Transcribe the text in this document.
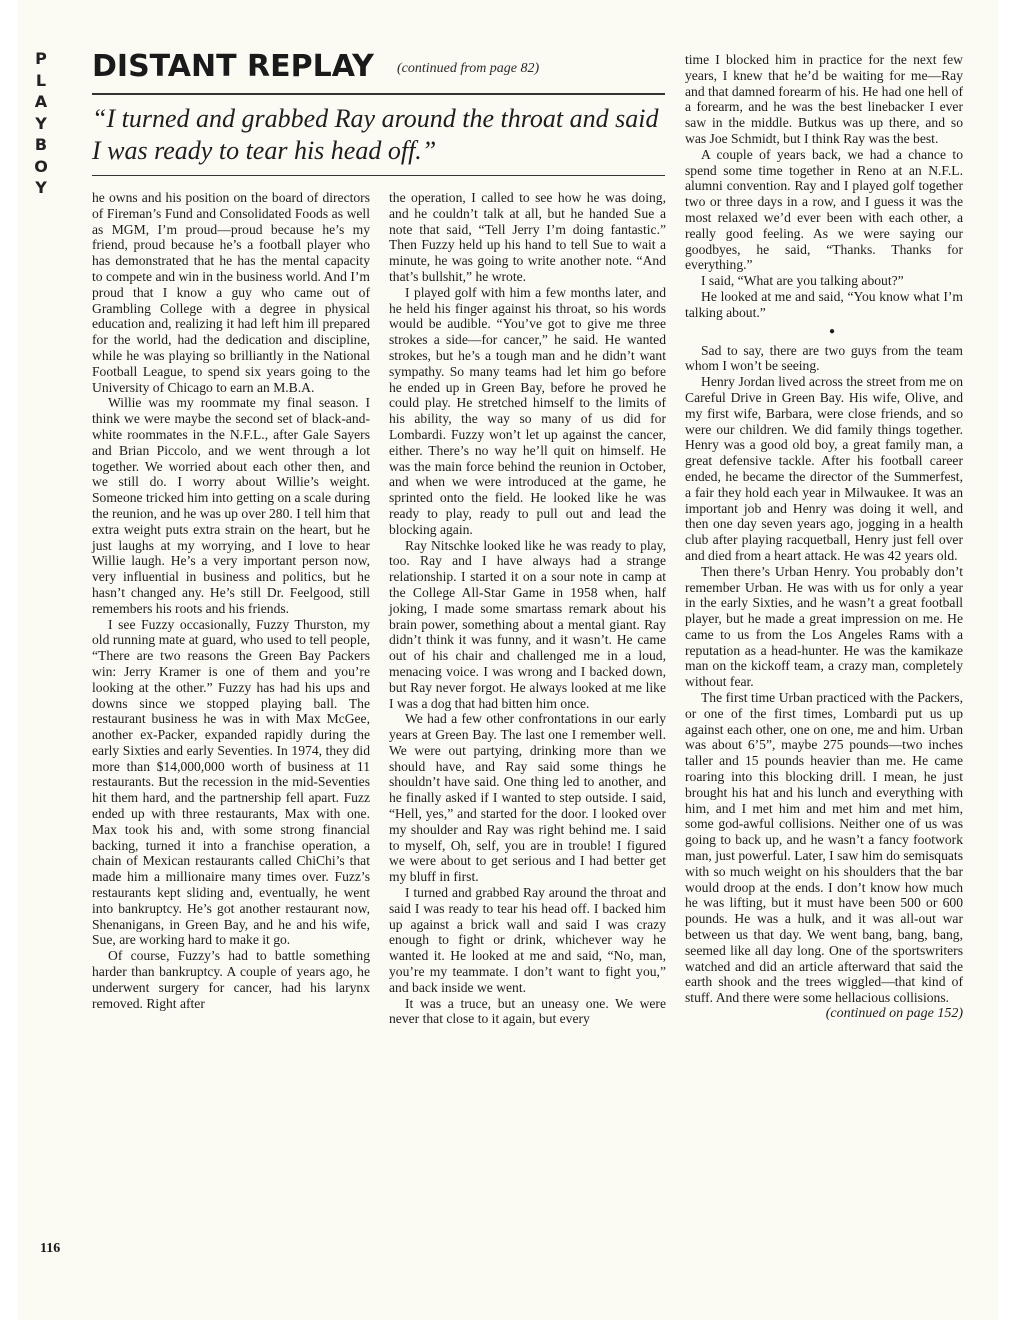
P
L
A
Y
B
O
Y
DISTANT REPLAY (continued from page 82)
“I turned and grabbed Ray around the throat and said I was ready to tear his head off.”

he owns and his position on the board of directors of Fireman’s Fund and Consolidated Foods as well as MGM, I’m proud—proud because he’s my friend, proud because he’s a football player who has demonstrated that he has the mental capacity to compete and win in the business world. And I’m proud that I know a guy who came out of Grambling College with a degree in physical education and, realizing it had left him ill prepared for the world, had the dedication and discipline, while he was playing so brilliantly in the National Football League, to spend six years going to the University of Chicago to earn an M.B.A.

Willie was my roommate my final season. I think we were maybe the second set of black-and-white roommates in the N.F.L., after Gale Sayers and Brian Piccolo, and we went through a lot together. We worried about each other then, and we still do. I worry about Willie’s weight. Someone tricked him into getting on a scale during the reunion, and he was up over 280. I tell him that extra weight puts extra strain on the heart, but he just laughs at my worrying, and I love to hear Willie laugh. He’s a very important person now, very influential in business and politics, but he hasn’t changed any. He’s still Dr. Feelgood, still remembers his roots and his friends.

I see Fuzzy occasionally, Fuzzy Thurston, my old running mate at guard, who used to tell people, “There are two reasons the Green Bay Packers win: Jerry Kramer is one of them and you’re looking at the other.” Fuzzy has had his ups and downs since we stopped playing ball. The restaurant business he was in with Max McGee, another ex-Packer, expanded rapidly during the early Sixties and early Seventies. In 1974, they did more than $14,000,000 worth of business at 11 restaurants. But the recession in the mid-Seventies hit them hard, and the partnership fell apart. Fuzz ended up with three restaurants, Max with one. Max took his and, with some strong financial backing, turned it into a franchise operation, a chain of Mexican restaurants called ChiChi’s that made him a millionaire many times over. Fuzz’s restaurants kept sliding and, eventually, he went into bankruptcy. He’s got another restaurant now, Shenanigans, in Green Bay, and he and his wife, Sue, are working hard to make it go.

Of course, Fuzzy’s had to battle something harder than bankruptcy. A couple of years ago, he underwent surgery for cancer, had his larynx removed. Right after

the operation, I called to see how he was doing, and he couldn’t talk at all, but he handed Sue a note that said, “Tell Jerry I’m doing fantastic.” Then Fuzzy held up his hand to tell Sue to wait a minute, he was going to write another note. “And that’s bullshit,” he wrote.

I played golf with him a few months later, and he held his finger against his throat, so his words would be audible. “You’ve got to give me three strokes a side—for cancer,” he said. He wanted strokes, but he’s a tough man and he didn’t want sympathy. So many teams had let him go before he ended up in Green Bay, before he proved he could play. He stretched himself to the limits of his ability, the way so many of us did for Lombardi. Fuzzy won’t let up against the cancer, either. There’s no way he’ll quit on himself. He was the main force behind the reunion in October, and when we were introduced at the game, he sprinted onto the field. He looked like he was ready to play, ready to pull out and lead the blocking again.

Ray Nitschke looked like he was ready to play, too. Ray and I have always had a strange relationship. I started it on a sour note in camp at the College All-Star Game in 1958 when, half joking, I made some smartass remark about his brain power, something about a mental giant. Ray didn’t think it was funny, and it wasn’t. He came out of his chair and challenged me in a loud, menacing voice. I was wrong and I backed down, but Ray never forgot. He always looked at me like I was a dog that had bitten him once.

We had a few other confrontations in our early years at Green Bay. The last one I remember well. We were out partying, drinking more than we should have, and Ray said some things he shouldn’t have said. One thing led to another, and he finally asked if I wanted to step outside. I said, “Hell, yes,” and started for the door. I looked over my shoulder and Ray was right behind me. I said to myself, Oh, self, you are in trouble! I figured we were about to get serious and I had better get my bluff in first.

I turned and grabbed Ray around the throat and said I was ready to tear his head off. I backed him up against a brick wall and said I was crazy enough to fight or drink, whichever way he wanted it. He looked at me and said, “No, man, you’re my teammate. I don’t want to fight you,” and back inside we went.

It was a truce, but an uneasy one. We were never that close to it again, but every

time I blocked him in practice for the next few years, I knew that he’d be waiting for me—Ray and that damned forearm of his. He had one hell of a forearm, and he was the best linebacker I ever saw in the middle. Butkus was up there, and so was Joe Schmidt, but I think Ray was the best.

A couple of years back, we had a chance to spend some time together in Reno at an N.F.L. alumni convention. Ray and I played golf together two or three days in a row, and I guess it was the most relaxed we’d ever been with each other, a really good feeling. As we were saying our goodbyes, he said, “Thanks. Thanks for everything.”

I said, “What are you talking about?”

He looked at me and said, “You know what I’m talking about.”

●

Sad to say, there are two guys from the team whom I won’t be seeing.

Henry Jordan lived across the street from me on Careful Drive in Green Bay. His wife, Olive, and my first wife, Barbara, were close friends, and so were our children. We did family things together. Henry was a good old boy, a great family man, a great defensive tackle. After his football career ended, he became the director of the Summerfest, a fair they hold each year in Milwaukee. It was an important job and Henry was doing it well, and then one day seven years ago, jogging in a health club after playing racquetball, Henry just fell over and died from a heart attack. He was 42 years old.

Then there’s Urban Henry. You probably don’t remember Urban. He was with us for only a year in the early Sixties, and he wasn’t a great football player, but he made a great impression on me. He came to us from the Los Angeles Rams with a reputation as a head-hunter. He was the kamikaze man on the kickoff team, a crazy man, completely without fear.

The first time Urban practiced with the Packers, or one of the first times, Lombardi put us up against each other, one on one, me and him. Urban was about 6’5”, maybe 275 pounds—two inches taller and 15 pounds heavier than me. He came roaring into this blocking drill. I mean, he just brought his hat and his lunch and everything with him, and I met him and met him and met him, some god-awful collisions. Neither one of us was going to back up, and he wasn’t a fancy footwork man, just powerful. Later, I saw him do semisquats with so much weight on his shoulders that the bar would droop at the ends. I don’t know how much he was lifting, but it must have been 500 or 600 pounds. He was a hulk, and it was all-out war between us that day. We went bang, bang, bang, seemed like all day long. One of the sportswriters watched and did an article afterward that said the earth shook and the trees wiggled—that kind of stuff. And there were some hellacious collisions.

(continued on page 152)

116
